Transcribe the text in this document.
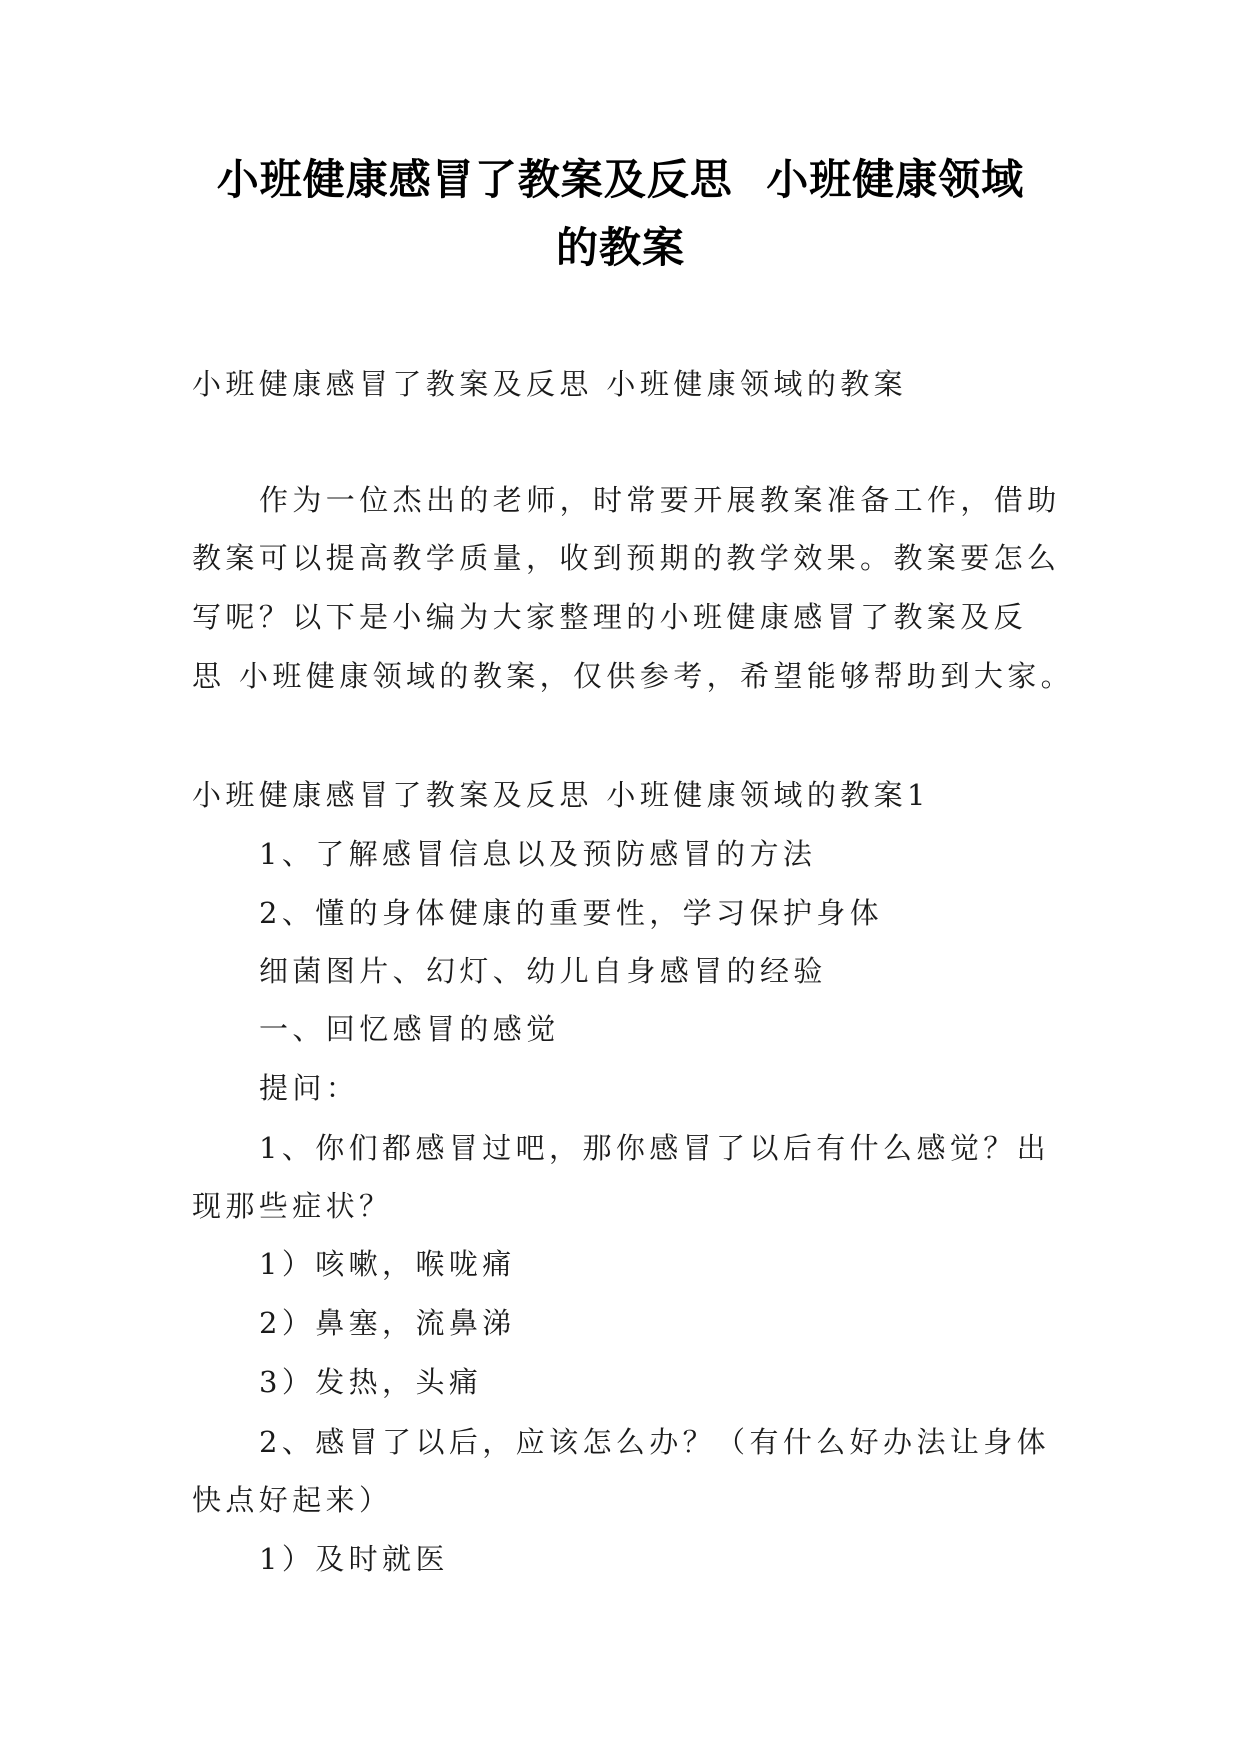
小班健康感冒了教案及反思 小班健康领域
的教案
小班健康感冒了教案及反思 小班健康领域的教案
作为一位杰出的老师，时常要开展教案准备工作，借助
教案可以提高教学质量，收到预期的教学效果。教案要怎么
写呢？以下是小编为大家整理的小班健康感冒了教案及反
思 小班健康领域的教案，仅供参考，希望能够帮助到大家。
小班健康感冒了教案及反思 小班健康领域的教案1
1、了解感冒信息以及预防感冒的方法
2、懂的身体健康的重要性，学习保护身体
细菌图片、幻灯、幼儿自身感冒的经验
一、回忆感冒的感觉
提问：
1、你们都感冒过吧，那你感冒了以后有什么感觉？出
现那些症状？
1）咳嗽，喉咙痛
2）鼻塞，流鼻涕
3）发热，头痛
2、感冒了以后，应该怎么办？（有什么好办法让身体
快点好起来）
1）及时就医
